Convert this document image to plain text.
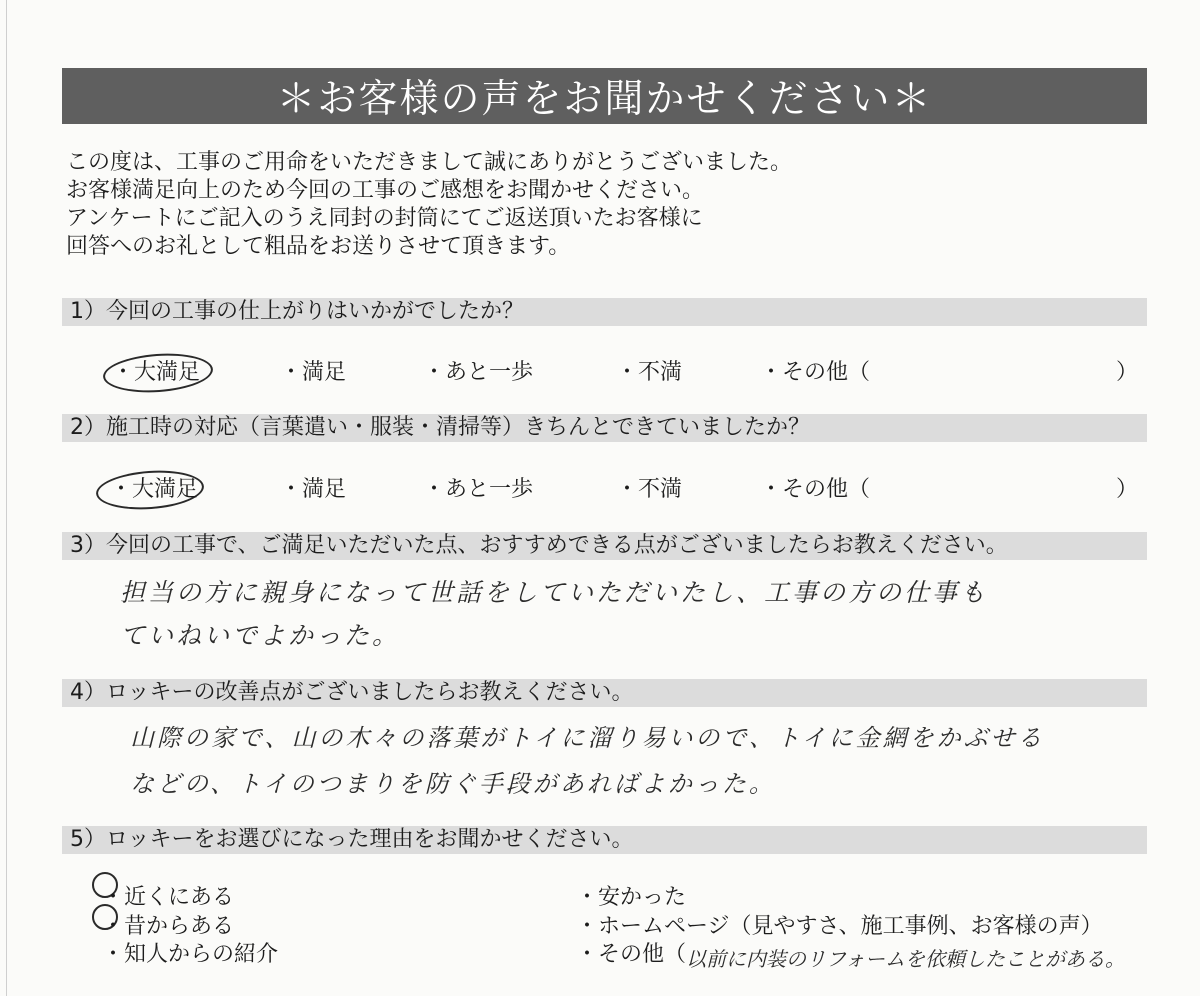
＊お客様の声をお聞かせください＊
この度は、工事のご用命をいただきまして誠にありがとうございました。
お客様満足向上のため今回の工事のご感想をお聞かせください。
アンケートにご記入のうえ同封の封筒にてご返送頂いたお客様に
回答へのお礼として粗品をお送りさせて頂きます。
1）今回の工事の仕上がりはいかがでしたか？
・大満足	・満足	・あと一歩	・不満	・その他（	）
2）施工時の対応（言葉遣い・服装・清掃等）きちんとできていましたか？
・大満足	・満足	・あと一歩	・不満	・その他（	）
3）今回の工事で、ご満足いただいた点、おすすめできる点がございましたらお教えください。
担当の方に親身になって世話をしていただいたし、工事の方の仕事も
ていねいでよかった。
4）ロッキーの改善点がございましたらお教えください。
山際の家で、山の木々の落葉がトイに溜り易いので、トイに金網をかぶせる
などの、トイのつまりを防ぐ手段があればよかった。
5）ロッキーをお選びになった理由をお聞かせください。
・近くにある
・昔からある
・知人からの紹介
・安かった
・ホームページ（見やすさ、施工事例、お客様の声）
・その他（ 以前に内装のリフォームを依頼したことがある。
